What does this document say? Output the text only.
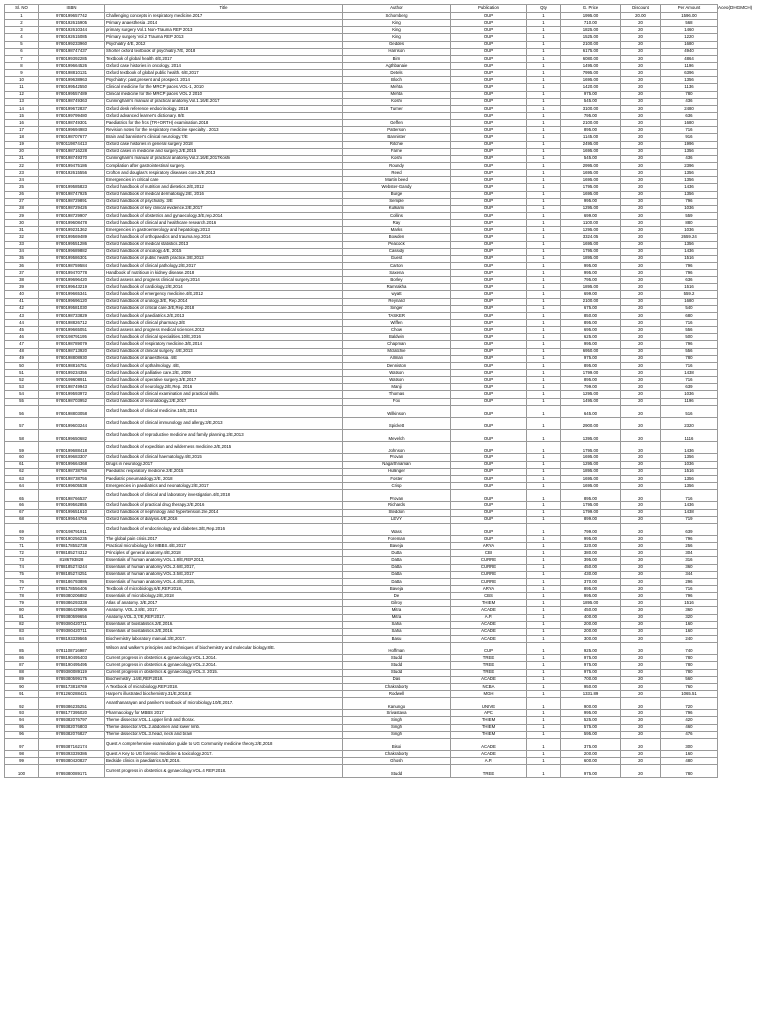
Sl. NO	ISBN	Title	Author	Publication	Qty	G. Price	Discount	Per Amount
1	9780199657742	Challenging concepts in respiratory medicine.2017	Schomberg	OUP	1	1995.00	20.00	1596.00
2	9780192615905	Primary anaesthesia .2014	King	OUP	1	710.00	20	568
3	9780192610344	primary surgery Vol.1 Non-Trauma REP 2013	King	OUP	1	1825.00	20	1460
4	9780192615085	Primary surgery Vol.2 Trauma REP 2013	King	OUP	1	1525.00	20	1220
5	9780199233960	Psychiatry 4/E, 2012	Geddes	OUP	1	2100.00	20	1680
6	9780198747437	Shorter oxford textbook of psychiatry.7/E, 2018	Harrison	OUP	1	6175.00	20	4940
7	9780199392285	Textbook of global health 4/E,2017	Birn	OUP	1	6080.00	20	4864
8	9780199664526	Oxford case histories in oncology. 2014	Agthbanaie	OUP	1	1495.00	20	1196
9	9780198810131	Oxford textbook of global public health. 6/E,2017	Detels	OUP	1	7995.00	20	6396
10	9780199638963	Psychiatry: past,present and prospect. 2014	Bloch	OUP	1	1695.00	20	1356
11	9780199542550	Clinical medicine for the MRCP paces.VOL-1, 2010	Mehta	OUP	1	1420.00	20	1136
12	9780199557489	Clinical medicine for the MRCP paces VOL 2 2010	Mehta	OUP	1	975.00	20	780
13	9780198749363	Cunningham's manual of practical anatomy.Vol.1.16/E.2017	Koshi	OUP	1	545.00	20	436
14	9780199672837	Oxford desk reference endocrinology. 2018	Turner	OUP	1	3100.00	20	2480
15	9780199799480	Oxford advanced learner's dictionary. 8/E		OUP	1	795.00	20	636
16	9780198749301	Paediatrics for the frcs (TR+ORTH) examination.2018	Geffen	OUP	1	2100.00	20	1680
17	9780199694983	Revision notes for the respiratory medicine specialty . 2013	Patterson	OUP	1	895.00	20	716
18	9780198707677	Brain and bannister's clinical neurology.7/E	Bannister	OUP	1	1145.00	20	916
19	9780119874413	Oxford case histories in general surgery 2018	Ritchie	OUP	1	2495.00	20	1996
20	9780198716228	Oxford cases in medicine and surgery.2/E,2015	Farne	OUP	1	1695.00	20	1356
21	9780198749370	Cunningham's manual of practical anatomy.Vol.2.16/E,2017Koshi	Koshi	OUP	1	545.00	20	436
22	9780199475186	Compilation after gastrointestinal surgery.	Roundy	OUP	1	2995.00	20	2396
23	9780192615556	Crofton and douglas's respiratory diseases core.2/E,2013	Reed	OUP	1	1695.00	20	1356
24		Emergencies in critical care	Martin beed	OUP	1	1695.00	20	1356
25	9780199585823	Oxford handbook of nutrition and dietetics.2/E,2012	Webster-Gandy	OUP	1	1795.00	20	1436
26	9780198747925	Oxford handbook of medical dermatology.2/E, 2016	Burge	OUP	1	1695.00	20	1356
27	9780198729891	Oxford handbook of psychiatry. 3/E	Semple	OUP	1	995.00	20	796
28	9780198729426	Oxford handbook of key clinical evidence.2/E,2017	Kulkarni	OUP	1	1295.00	20	1036
29	9780198729907	Oxford handbook of obstetrics and gynaecology.3/E,rep.2014	Collins	OUP	1	699.00	20	559
30	9780199608478	Oxford handbook of clinical and healthcare research.2016	Ray	OUP	1	1100.00	20	880
31	9780199231362	Emergencies in gastroenterology and hepatology.2013	Marks	OUP	1	1295.00	20	1036
32	9780199569489	Oxford handbook of orthopaedics and trauma.rep.2014	Bowden	OUP	1	3324.05	20	2659.24
33	9780199551286	Oxford handbook of medical statistics.2013	Peacock	OUP	1	1695.00	20	1356
34	9780199689882	Oxford handbook of oncology.4/E, 2015	Cassidy	OUP	1	1795.00	20	1436
35	9780199586301	Oxford handbook of public health practice.3/E,2013	Guest	OUP	1	1895.00	20	1516
36	9780198759584	Oxford handbook of clinical pathology.2/E,2017	Carton	OUP	1	995.00	20	796
37	9780199470778	Handbook of nutritioun in kidney disease.2018	Saxena	OUP	1	995.00	20	796
38	9780199696420	Oxford assess and progress clinical surgery.2014	Borley	OUP	1	795.00	20	636
39	9780199643219	Oxford handbook of cardiology.2/E,2014	Ramrakha	OUP	1	1895.00	20	1516
40	9780199665341	Oxford handbook of emergency medicine.4/E,2012	wyatt	OUP	1	699.00	20	559.2
41	9780199696120	Oxford handbook of urology.3/E, Rep.2014	Reynard	OUP	1	2100.00	20	1680
42	9780199581030	Oxford handbook of critical care.3/E,Rep.2018	Singer	OUP	1	675.00	20	540
43	9780198733829	Oxford handbook of paediatrics.2/E,2013	TASKER	OUP	1	850.00	20	680
44	9780198826712	Oxford handbook of clinical pharmacy.3/E	Wiffen	OUP	1	895.00	20	716
45	9780199665051	Oxford assess and progress medical sciences.2012	Chow	OUP	1	695.00	20	556
46	9780198791195	Oxford handbook of clinical specialities.10/E,2016	Baldwin	OUP	1	625.00	20	500
47	9780198789079	Oxford handbook of respiratory medicine.3/E,2014	Chapman	OUP	1	995.00	20	796
48	9780198713920	Oxford handbook of clinical surgery. 4/E,2013	Mclatchie	OUP	1	6950.00	20	556
49	9780198808930	Oxford handbook of anaesthesia. 4/E	Allman	OUP	1	975.00	20	780
50	9780198816751	Oxford handbook of opthalmology. 4/E,	Denniston	OUP	1	895.00	20	716
51	9780199234356	Oxford handbook of palliative care.2/E, 2009	Watson	OUP	1	1799.00	20	1438
52	9780199608911	Oxford handbook of operative surgery.3/E,2017	Watson	OUP	1	895.00	20	716
53	9780198749943	Oxford handbook of neurology.2/E,Rep. 2016	Manji	OUP	1	799.00	20	639
54	9780199593972	Oxford handbook of clinical examination and practical skills.	Thomas	OUP	1	1295.00	20	1036
55	9780198703952	Oxford handbook of neonatology.2/E,2017	Fox	OUP	1	1495.00	20	1196
56	9780198803058	Oxford handbook of clinical medicine.10/E,2014	Wilkinson	OUP	1	645.00	20	516
57	9780199603244	Oxford handbook of clinical immunology and allergy.3/E,2013	Spickett	OUP	1	2900.00	20	2320
58	9780199650682	Oxford handbook of reproductive medicine and family planning.2/E,2013	Mevelch	OUP	1	1395.00	20	1116
59	9780199688418	Oxford handbook of expedition and wilderness medicine.2/E,2015	Johnson	OUP	1	1795.00	20	1436
60	9780199683307	Oxford handbook of clinical haematology.4/E,2015	Provan	OUP	1	1695.00	20	1356
61	9780199664368	Drugs in neurology.2017	Nagarthnaman	OUP	1	1295.00	20	1036
62	9780198738756	Paediatric respiratory medicine.2/E,2015	Hullinger	OUP	1	1895.00	20	1516
63	9780198738756	Paediatric pneumatology.2/E, 2018	Foster	OUP	1	1695.00	20	1356
64	9780199605538	Emergencies in paediatrics and neonatology.2/E,2017	Crisp	OUP	1	1695.00	20	1356
65	9780198766537	Oxford handbook of clinical and laboratory investigation.4/E,2018	Provan	OUP	1	895.00	20	716
66	9780199562855	Oxford handbook of practical drug therapy.2/E,2016	Richards	OUP	1	1795.00	20	1436
67	9780199651610	Oxford handbook of nephrology and hypertension.2/e,2014	Steddon	OUP	1	1799.00	20	1438
68	9780199644766	Oxford handbook of dialysis.4/E,2016	LEVY	OUP	1	899.00	20	719
69	9780198791911	Oxford handbook of endocrinology and diabetes.3/E,Rep.2016	Wass	OUP	1	799.00	20	639
70	9780190256235	The global pain crisis.2017	Foreman	OUP	1	995.00	20	796
71	9788178552738	Practical microbiology for MBBS.4/E,2017	Baveja	ARYA	1	320.00	20	256
72	9788185274312	Principles of general anatomy.4/E,2018	Dutta	CBI	1	380.00	20	304
73	8186793828	Essentials of human anatomy.VOL.1.8/E,REP.2013,	Datta	CURRE	1	395.00	20	316
74	9788185274244	Essentials of human anatomy.VOL.2.6/E,2017,	Datta	CURRE	1	450.00	20	360
75	9788185274251	Essentials of human anatomy.VOL.3.5/E,2017	Datta	CURRE	1	430.00	20	344
76	9788186793886	Essentials of human anatomy.VOL.4.4/E,2015,	Datta	CURRE	1	370.00	20	296
77	9788178556406	Textbook of microbiology.6/E,REP.2018,	Baveja	ARYA	1	895.00	20	716
78	9789380206882	Essentials of microbiology.2/E,2018	De	CBS	1	995.00	20	796
79	9789386293338	Atlas of anatomy. 3/E,2017	Gilroy	THIEM	1	1895.00	20	1516
80	9789386429906	Anatomy. VOL.2.8/E, 2017.	Mitra	ACADE	1	450.00	20	360
81	9789380599656	Anatomy.VOL.3,7/E,REP.2017.	Mitra	A.P.	1	400.00	20	320
82	9789380420711	Essentials of biostatistics.2/E,2016.	Saha	ACADE	1	200.00	20	160
83	9789380420711	Essentials of biostatistics.2/E,2016.	Saha	ACADE	1	200.00	20	160
84	9788193339565	Biochemistry laboratory manual.3/E,2017.	Basu	ACADE	1	300.00	20	240
85	9781108716987	Wilson and walker's principles and techniques of biochemistry and molecular biology.8/E.	Hoffman	CUP	1	925.00	20	740
86	9788190495403	Current progress in obstetrics & gynaecology.VOL.1.2014.	Studd	TREE	1	975.00	20	780
87	9788190495495	Current progress in obstetrics & gynaecology.VOL.2.2014.	Studd	TREE	1	975.00	20	780
88	9789380089119	Current progress in obstetrics & gynaecology.VOL.3. 2015.	Studd	TREE	1	975.00	20	780
89	9789380599175	Biochemistry .14/E,REP.2018.	Das	ACADE	1	700.00	20	560
90	9788173818769	A Textbook of microbiology.REP.2018.	Chakraborty	NCBA	1	950.00	20	760
91	9781260288421	Harper's illustrated biochemistry.31/E,2018,E	Rodwell	MGH	1	1331.89	20	1065.51
92	9789386235251	Ananthanarayan and paniker's textbook of microbiology.10/E,2017.	Kanungo	UNIVE	1	900.00	20	720
93	9788177395020	Pharmacology for MBBS 2017	Srivastava	APC	1	995.00	20	796
94	9789382076797	Theme dissector.VOL.1.upper limb and thorax.	Singh	THIEM	1	525.00	20	420
95	9789382076803	Theme dissector.VOL.2.abdomen and lower limb.	Singh	THIEM	1	575.00	20	460
96	9789382076827	Theme dissector.VOL.3.head, neck and brain	Singh	THIEM	1	595.00	20	476
97	9789387162174	Quest A comprehensive examination guide to UG Community medicine theory.2/E,2018	Bisoi	ACADE	1	375.00	20	300
98	9789393339386	Quest A Key to UG forensic medicine & toxicology.2017.	Chakraborty	ACADE	1	200.00	20	160
99	9789380420827	Bedside clinics in paediatrics.5/E,2016.	Ghosh	A.P.	1	600.00	20	480
100	9789380089171	Current progress in obstetrics & gynaecology.VOL.4 REP.2018.	Studd	TREE	1	975.00	20	780
Aceo(DHGMCH)
